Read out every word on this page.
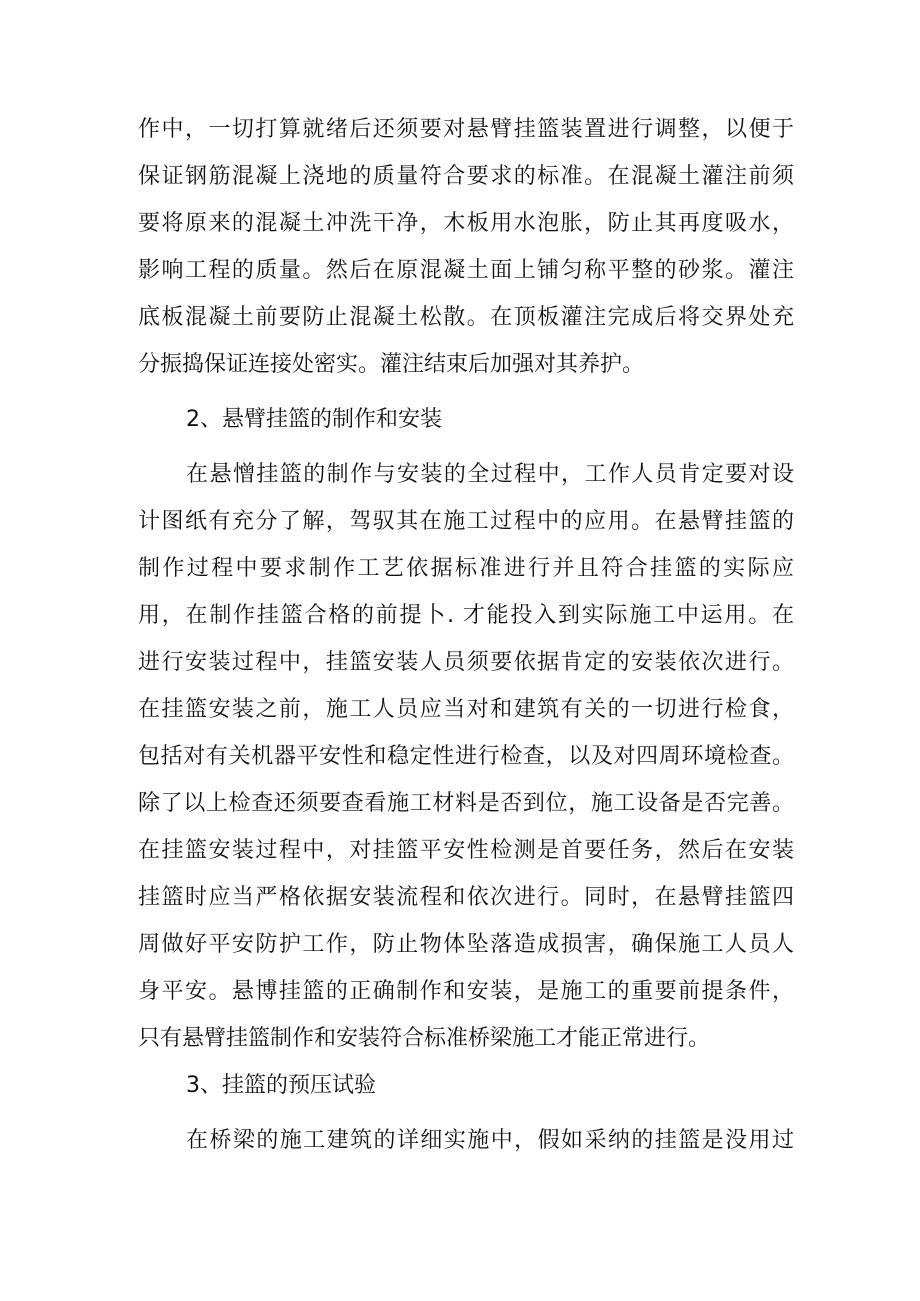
作中，一切打算就绪后还须要对悬臂挂篮装置进行调整，以便于
保证钢筋混凝上浇地的质量符合要求的标准。在混凝土灌注前须
要将原来的混凝土冲洗干净，木板用水泡胀，防止其再度吸水，
影响工程的质量。然后在原混凝土面上铺匀称平整的砂浆。灌注
底板混凝土前要防止混凝土松散。在顶板灌注完成后将交界处充
分振捣保证连接处密实。灌注结束后加强对其养护。
2、悬臂挂篮的制作和安装
在悬憎挂篮的制作与安装的全过程中，工作人员肯定要对设
计图纸有充分了解，驾驭其在施工过程中的应用。在悬臂挂篮的
制作过程中要求制作工艺依据标准进行并且符合挂篮的实际应
用，在制作挂篮合格的前提卜. 才能投入到实际施工中运用。在
进行安装过程中，挂篮安装人员须要依据肯定的安装依次进行。
在挂篮安装之前，施工人员应当对和建筑有关的一切进行检食，
包括对有关机器平安性和稳定性进行检查，以及对四周环境检查。
除了以上检查还须要查看施工材料是否到位，施工设备是否完善。
在挂篮安装过程中，对挂篮平安性检测是首要任务，然后在安装
挂篮时应当严格依据安装流程和依次进行。同时，在悬臂挂篮四
周做好平安防护工作，防止物体坠落造成损害，确保施工人员人
身平安。悬博挂篮的正确制作和安装，是施工的重要前提条件，
只有悬臂挂篮制作和安装符合标准桥梁施工才能正常进行。
3、挂篮的预压试验
在桥梁的施工建筑的详细实施中，假如采纳的挂篮是没用过
